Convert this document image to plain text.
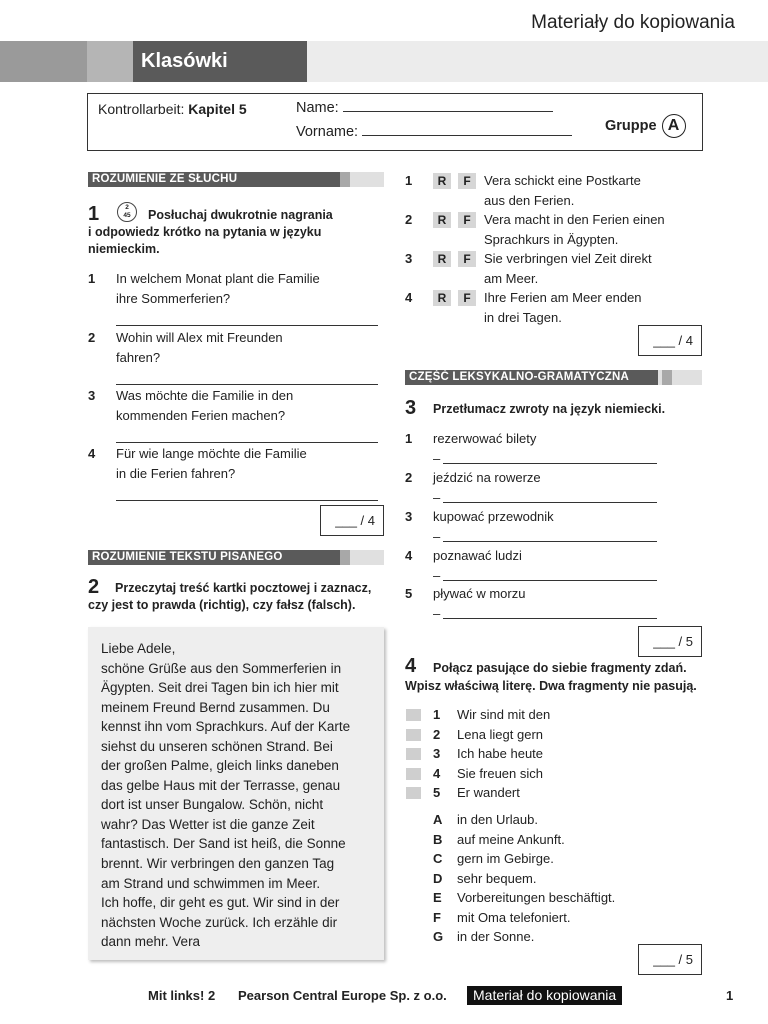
Materiały do kopiowania
Klasówki
Kontrollarbeit: Kapitel 5	Name:
Vorname:	Gruppe A
ROZUMIENIE ZE SŁUCHU
1	2
45	Posłuchaj dwukrotnie nagrania
i odpowiedz krótko na pytania w języku
niemieckim.
1 In welchem Monat plant die Familie
ihre Sommerferien?
2 Wohin will Alex mit Freunden
fahren?
3 Was möchte die Familie in den
kommenden Ferien machen?
4 Für wie lange möchte die Familie
in die Ferien fahren?
___ / 4
ROZUMIENIE TEKSTU PISANEGO
2 Przeczytaj treść kartki pocztowej i zaznacz,
czy jest to prawda (richtig), czy fałsz (falsch).
Liebe Adele,
schöne Grüße aus den Sommerferien in
Ägypten. Seit drei Tagen bin ich hier mit
meinem Freund Bernd zusammen. Du
kennst ihn vom Sprachkurs. Auf der Karte
siehst du unseren schönen Strand. Bei
der großen Palme, gleich links daneben
das gelbe Haus mit der Terrasse, genau
dort ist unser Bungalow. Schön, nicht
wahr? Das Wetter ist die ganze Zeit
fantastisch. Der Sand ist heiß, die Sonne
brennt. Wir verbringen den ganzen Tag
am Strand und schwimmen im Meer.
Ich hoffe, dir geht es gut. Wir sind in der
nächsten Woche zurück. Ich erzähle dir
dann mehr. Vera
1	R	F	Vera schickt eine Postkarte
aus den Ferien.
2	R	F	Vera macht in den Ferien einen
Sprachkurs in Ägypten.
3	R	F	Sie verbringen viel Zeit direkt
am Meer.
4	R	F	Ihre Ferien am Meer enden
in drei Tagen.
___ / 4
CZĘŚĆ LEKSYKALNO-GRAMATYCZNA
3 Przetłumacz zwroty na język niemiecki.
1 rezerwować bilety
–
2 jeździć na rowerze
–
3 kupować przewodnik
–
4 poznawać ludzi
–
5 pływać w morzu
–
___ / 5
4 Połącz pasujące do siebie fragmenty zdań.
Wpisz właściwą literę. Dwa fragmenty nie pasują.
1 Wir sind mit den
2 Lena liegt gern
3 Ich habe heute
4 Sie freuen sich
5 Er wandert
A in den Urlaub.
B auf meine Ankunft.
C gern im Gebirge.
D sehr bequem.
E Vorbereitungen beschäftigt.
F mit Oma telefoniert.
G in der Sonne.
___ / 5
Mit links! 2 Pearson Central Europe Sp. z o.o.	Materiał do kopiowania	1
